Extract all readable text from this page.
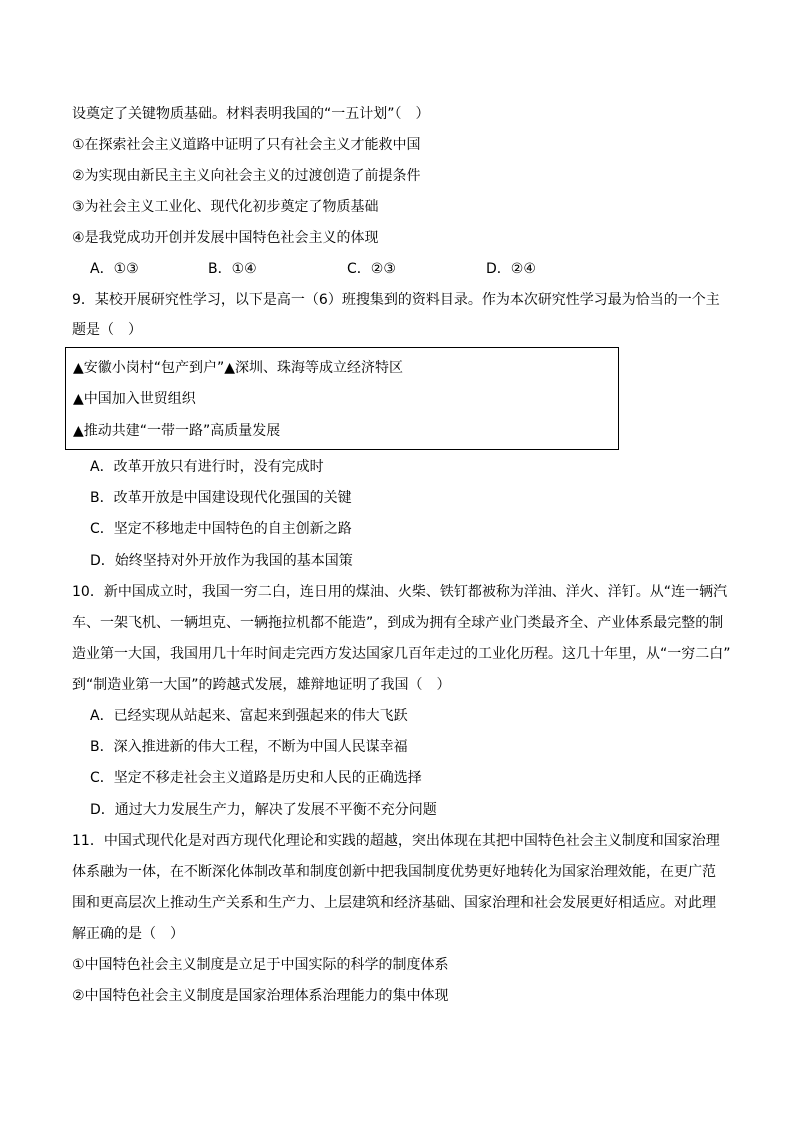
设奠定了关键物质基础。材料表明我国的“一五计划”（　）
①在探索社会主义道路中证明了只有社会主义才能救中国
②为实现由新民主主义向社会主义的过渡创造了前提条件
③为社会主义工业化、现代化初步奠定了物质基础
④是我党成功开创并发展中国特色社会主义的体现
A．①③	B．①④	C．②③	D．②④
9．某校开展研究性学习，以下是高一（6）班搜集到的资料目录。作为本次研究性学习最为恰当的一个主
题是（　）
▲安徽小岗村“包产到户”▲深圳、珠海等成立经济特区
▲中国加入世贸组织
▲推动共建“一带一路”高质量发展
A．改革开放只有进行时，没有完成时
B．改革开放是中国建设现代化强国的关键
C．坚定不移地走中国特色的自主创新之路
D．始终坚持对外开放作为我国的基本国策
10．新中国成立时，我国一穷二白，连日用的煤油、火柴、铁钉都被称为洋油、洋火、洋钉。从“连一辆汽
车、一架飞机、一辆坦克、一辆拖拉机都不能造”，到成为拥有全球产业门类最齐全、产业体系最完整的制
造业第一大国，我国用几十年时间走完西方发达国家几百年走过的工业化历程。这几十年里，从“一穷二白”
到“制造业第一大国”的跨越式发展，雄辩地证明了我国（　）
A．已经实现从站起来、富起来到强起来的伟大飞跃
B．深入推进新的伟大工程，不断为中国人民谋幸福
C．坚定不移走社会主义道路是历史和人民的正确选择
D．通过大力发展生产力，解决了发展不平衡不充分问题
11．中国式现代化是对西方现代化理论和实践的超越，突出体现在其把中国特色社会主义制度和国家治理
体系融为一体，在不断深化体制改革和制度创新中把我国制度优势更好地转化为国家治理效能，在更广范
围和更高层次上推动生产关系和生产力、上层建筑和经济基础、国家治理和社会发展更好相适应。对此理
解正确的是（　）
①中国特色社会主义制度是立足于中国实际的科学的制度体系
②中国特色社会主义制度是国家治理体系治理能力的集中体现
